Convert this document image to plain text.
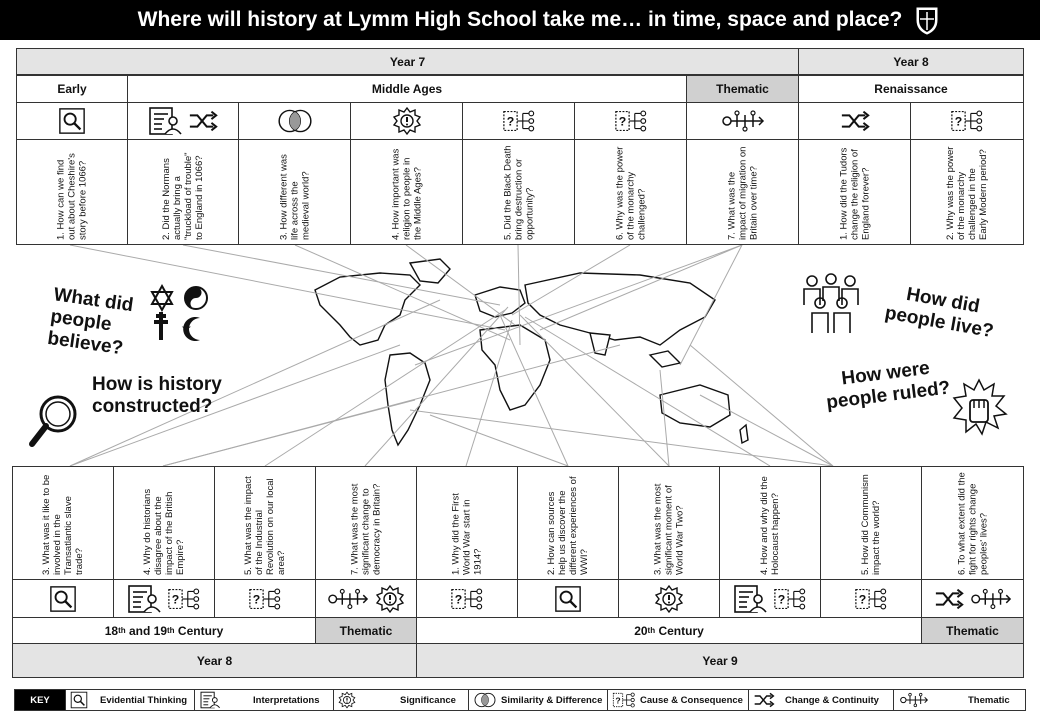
Where will history at Lymm High School take me… in time, space and place?
Year 7	Year 8
Early	Middle Ages	Thematic	Renaissance
1. How can we find out about Cheshire's story before 1066?	2. Did the Normans actually bring a "truckload of trouble" to England in 1066?	3. How different was life across the medieval world?	4. How important was religion to people in the Middle Ages?	5. Did the Black Death bring destruction or opportunity?	6. Why was the power of the monarchy challenged?	7. What was the impact of migration on Britain over time?	1. How did the Tudors change the religion of England forever?	2. Why was the power of the monarchy challenged in the Early Modern period?
What did people believe?	★
How is history constructed?
How did people live?
How were people ruled?
3. What was it like to be involved in the Transatlantic slave trade?	4. Why do historians disagree about the impact of the British Empire?	5. What was the impact of the Industrial Revolution on our local area?	7. What was the most significant change to democracy in Britain?	1. Why did the First World War start in 1914?	2. How can sources help us discover the different experiences of WWI?	3. What was the most significant moment of World War Two?	4. How and why did the Holocaust happen?	5. How did Communism impact the world?	6. To what extent did the fight for rights change peoples' lives?
18 th and 19 th Century	Thematic	20 th Century	Thematic
Year 8	Year 9
KEY	Evidential Thinking	Interpretations	Significance	Similarity & Difference	Cause & Consequence	Change & Continuity	Thematic
